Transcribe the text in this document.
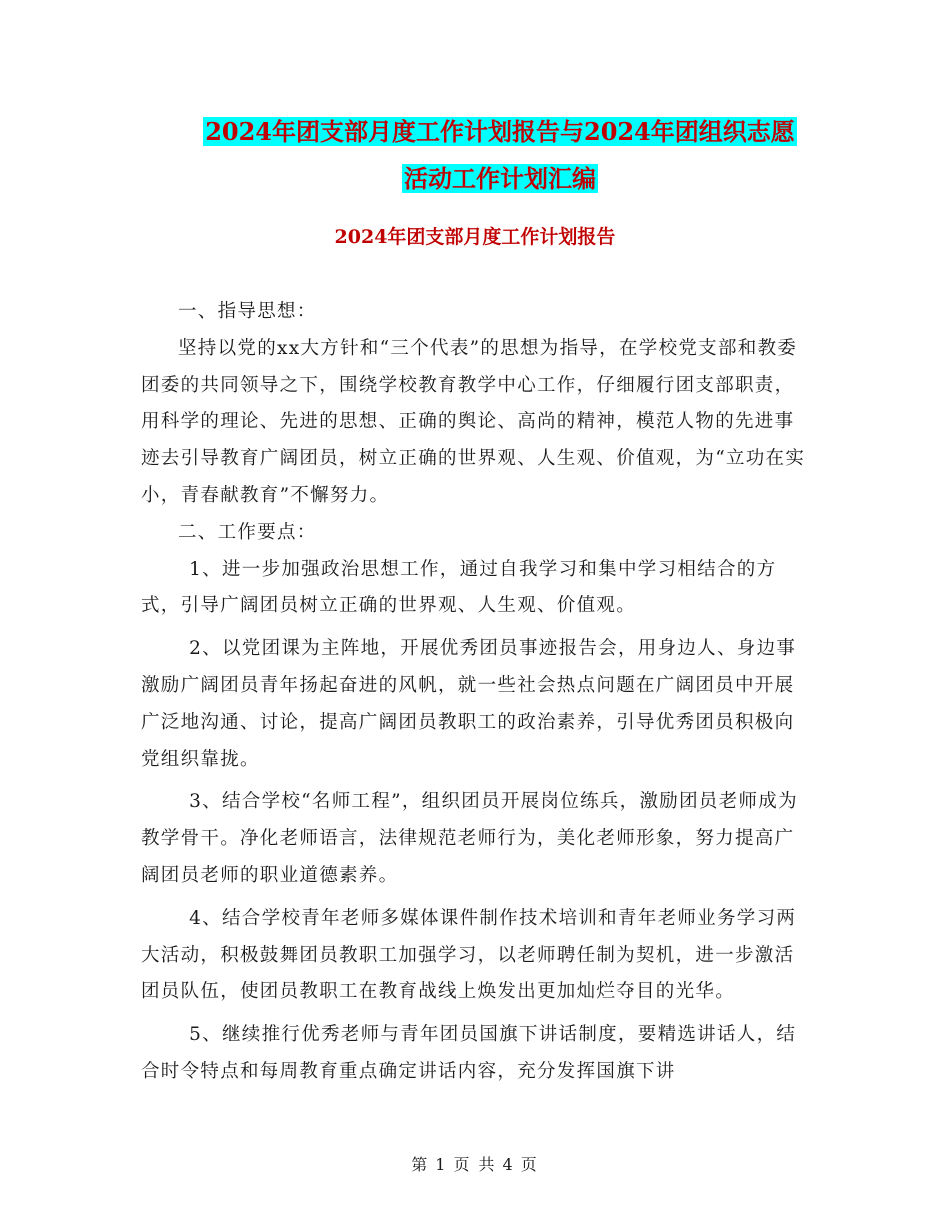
2024年团支部月度工作计划报告与2024年团组织志愿
活动工作计划汇编
2024年团支部月度工作计划报告

一、指导思想：

坚持以党的xx大方针和“三个代表”的思想为指导，在学校党支部和教委团委的共同领导之下，围绕学校教育教学中心工作，仔细履行团支部职责，用科学的理论、先进的思想、正确的舆论、高尚的精神，模范人物的先进事迹去引导教育广阔团员，树立正确的世界观、人生观、价值观，为“立功在实小，青春献教育”不懈努力。

二、工作要点：

1、进一步加强政治思想工作，通过自我学习和集中学习相结合的方式，引导广阔团员树立正确的世界观、人生观、价值观。

2、以党团课为主阵地，开展优秀团员事迹报告会，用身边人、身边事激励广阔团员青年扬起奋进的风帆，就一些社会热点问题在广阔团员中开展广泛地沟通、讨论，提高广阔团员教职工的政治素养，引导优秀团员积极向党组织靠拢。

3、结合学校“名师工程”，组织团员开展岗位练兵，激励团员老师成为教学骨干。净化老师语言，法律规范老师行为，美化老师形象，努力提高广阔团员老师的职业道德素养。

4、结合学校青年老师多媒体课件制作技术培训和青年老师业务学习两大活动，积极鼓舞团员教职工加强学习，以老师聘任制为契机，进一步激活团员队伍，使团员教职工在教育战线上焕发出更加灿烂夺目的光华。

5、继续推行优秀老师与青年团员国旗下讲话制度，要精选讲话人，结合时令特点和每周教育重点确定讲话内容，充分发挥国旗下讲

第 1 页 共 4 页
